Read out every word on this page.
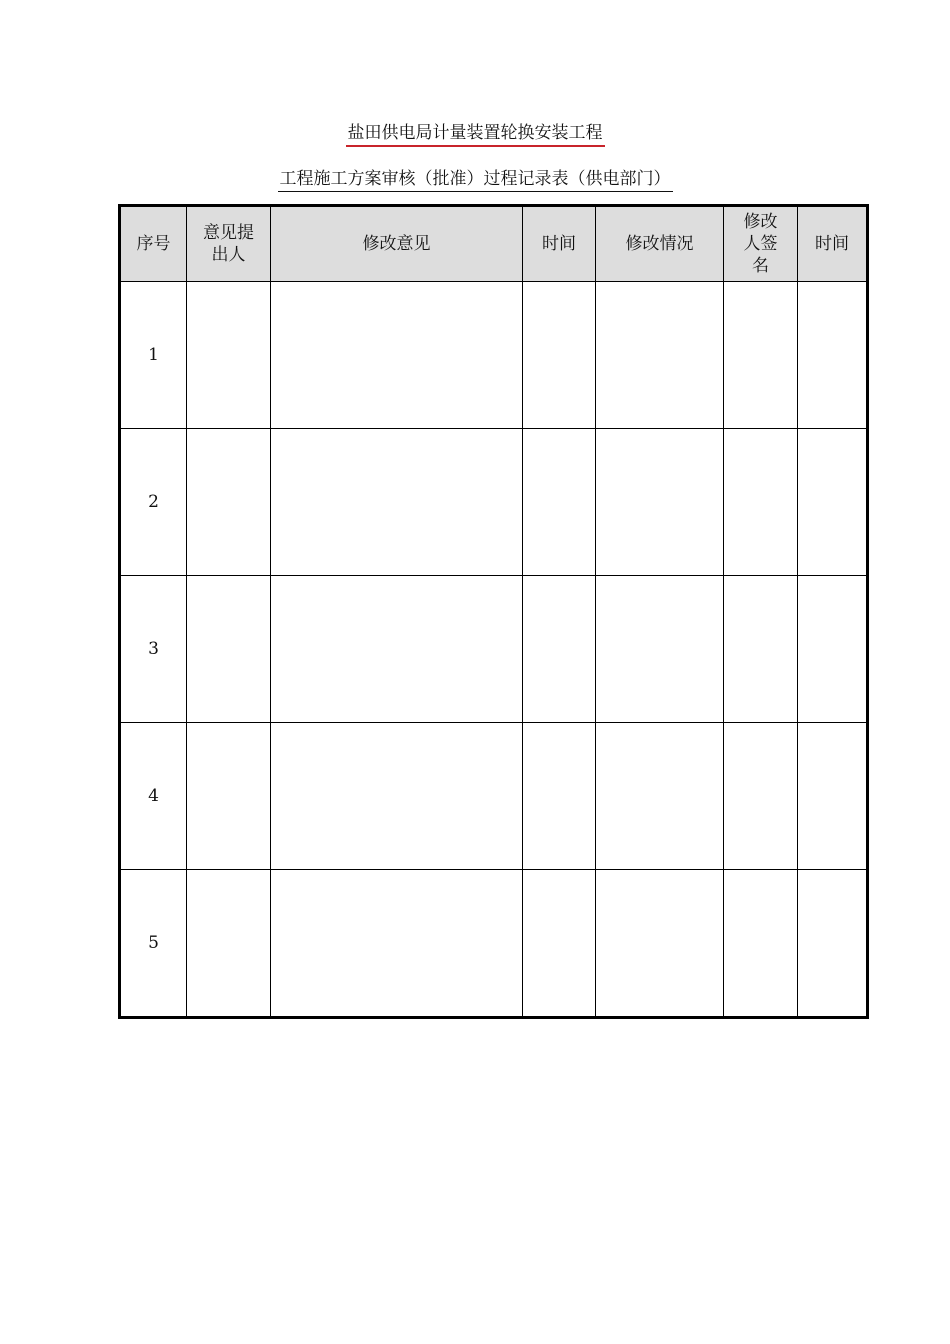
盐田供电局计量装置轮换安装工程
工程施工方案审核（批准）过程记录表（供电部门）
序号	意见提出人	修改意见	时间	修改情况	修改人签名	时间
1						
2						
3						
4						
5						
